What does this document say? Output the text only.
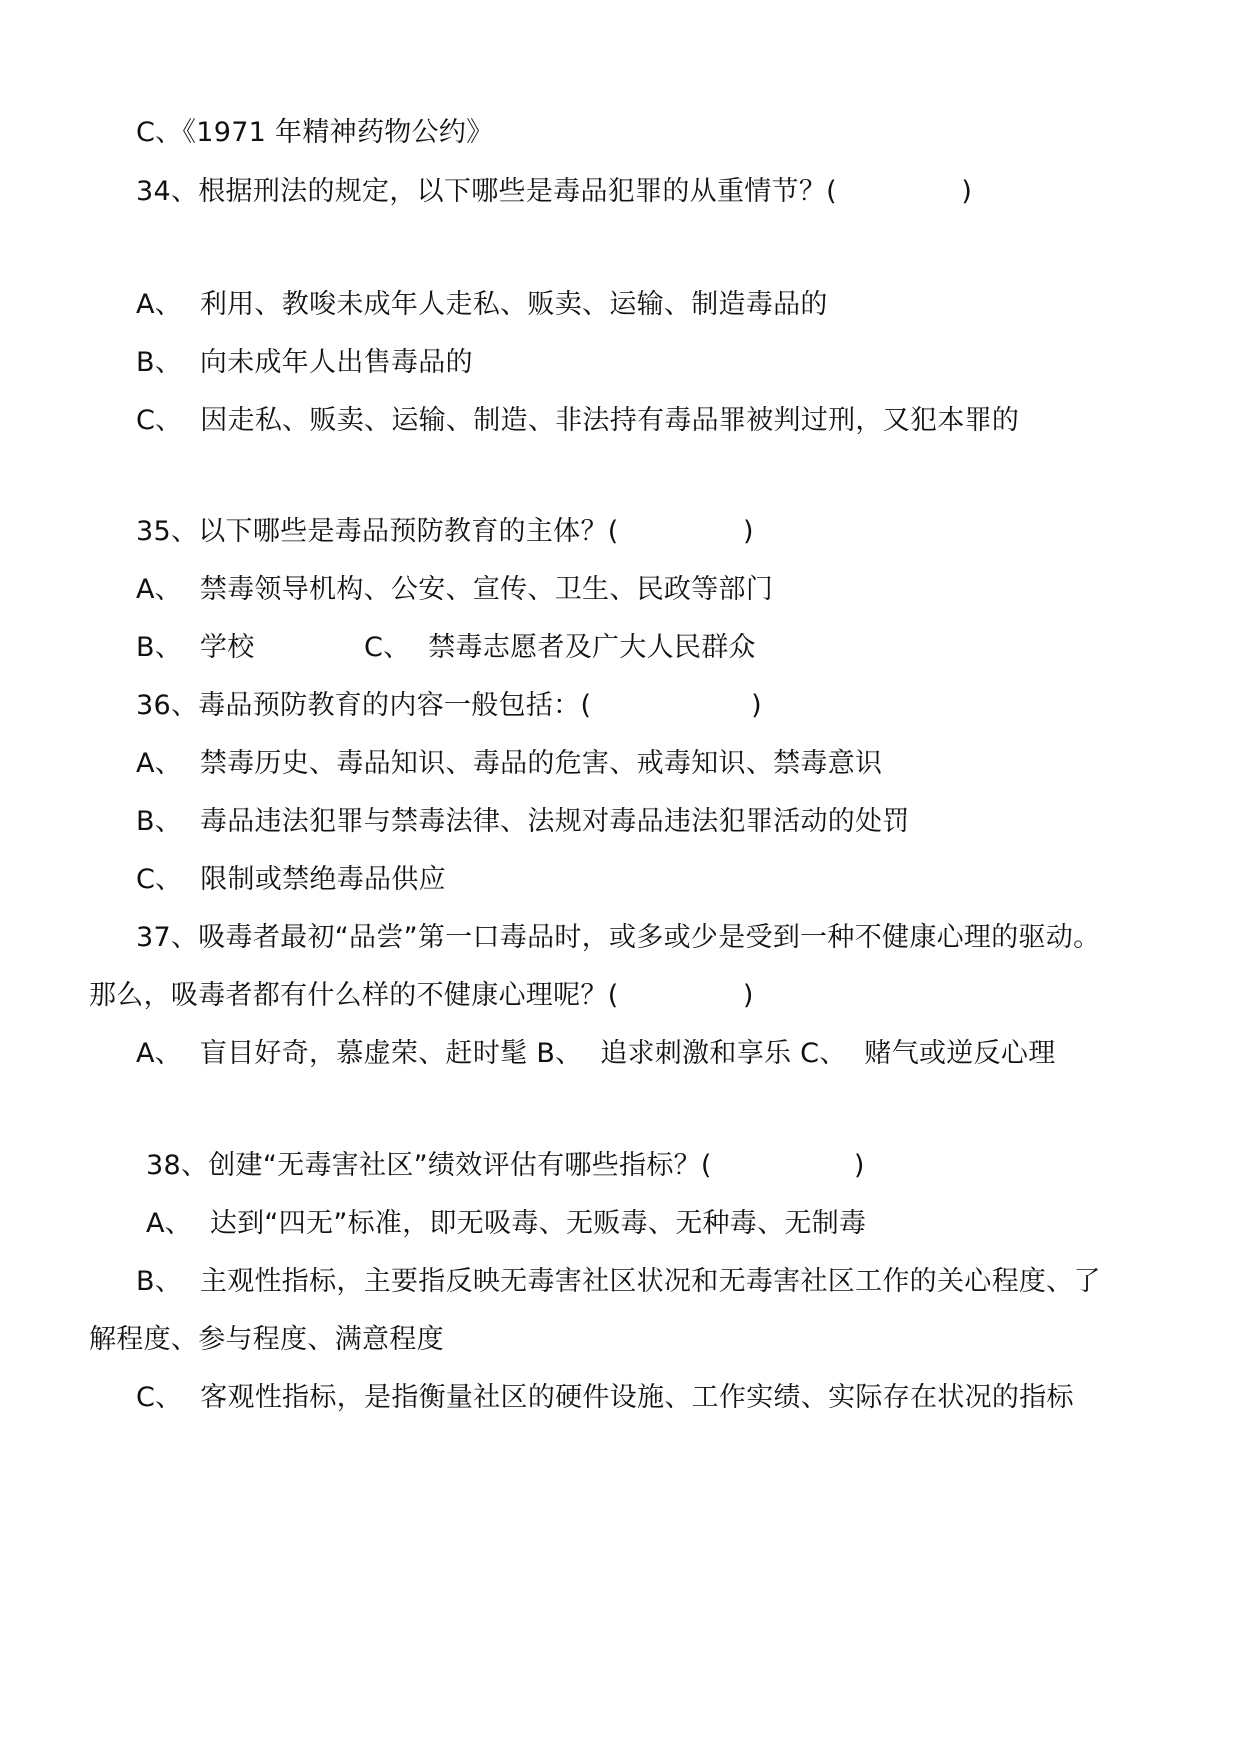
C、《1971 年精神药物公约》
34、根据刑法的规定，以下哪些是毒品犯罪的从重情节？(              )
A、  利用、教唆未成年人走私、贩卖、运输、制造毒品的
B、  向未成年人出售毒品的
C、  因走私、贩卖、运输、制造、非法持有毒品罪被判过刑，又犯本罪的
35、以下哪些是毒品预防教育的主体？(              )
A、  禁毒领导机构、公安、宣传、卫生、民政等部门
B、  学校	C、  禁毒志愿者及广大人民群众
36、毒品预防教育的内容一般包括：(                  )
A、  禁毒历史、毒品知识、毒品的危害、戒毒知识、禁毒意识
B、  毒品违法犯罪与禁毒法律、法规对毒品违法犯罪活动的处罚
C、  限制或禁绝毒品供应
37、吸毒者最初“品尝”第一口毒品时，或多或少是受到一种不健康心理的驱动。
那么，吸毒者都有什么样的不健康心理呢？(              )
A、  盲目好奇，慕虚荣、赶时髦 B、  追求刺激和享乐 C、  赌气或逆反心理
38、创建“无毒害社区”绩效评估有哪些指标？(                )
A、  达到“四无”标准，即无吸毒、无贩毒、无种毒、无制毒
B、  主观性指标，主要指反映无毒害社区状况和无毒害社区工作的关心程度、了
解程度、参与程度、满意程度
C、  客观性指标，是指衡量社区的硬件设施、工作实绩、实际存在状况的指标
